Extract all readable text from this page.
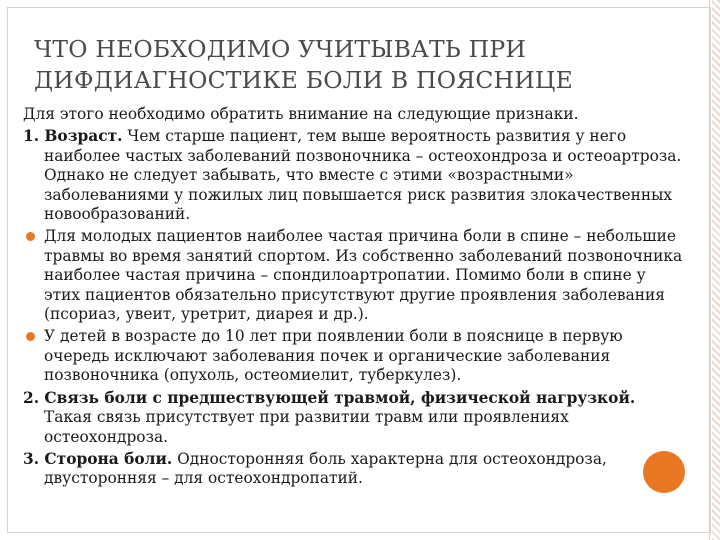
ЧТО НЕОБХОДИМО УЧИТЫВАТЬ ПРИ ДИФДИАГНОСТИКЕ БОЛИ В ПОЯСНИЦЕ

Для этого необходимо обратить внимание на следующие признаки.

1. Возраст. Чем старше пациент, тем выше вероятность развития у него наиболее частых заболеваний позвоночника – остеохондроза и остеоартроза. Однако не следует забывать, что вместе с этими «возрастными» заболеваниями у пожилых лиц повышается риск развития злокачественных новообразований.

Для молодых пациентов наиболее частая причина боли в спине – небольшие травмы во время занятий спортом. Из собственно заболеваний позвоночника наиболее частая причина – спондилоартропатии. Помимо боли в спине у этих пациентов обязательно присутствуют другие проявления заболевания (псориаз, увеит, уретрит, диарея и др.).
У детей в возрасте до 10 лет при появлении боли в пояснице в первую очередь исключают заболевания почек и органические заболевания позвоночника (опухоль, остеомиелит, туберкулез).

2. Связь боли с предшествующей травмой, физической нагрузкой. Такая связь присутствует при развитии травм или проявлениях остеохондроза.

3. Сторона боли. Односторонняя боль характерна для остеохондроза, двусторонняя – для остеохондропатий.
